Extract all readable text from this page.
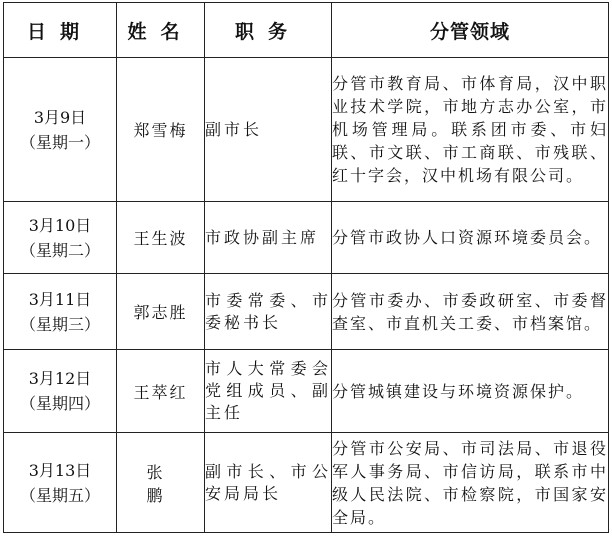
日期	姓名	职务	分管领域

3月9日
（星期一）	郑雪梅	副市长	分管市教育局、市体育局，汉中职业技术学院，市地方志办公室，市机场管理局。联系团市委、市妇联、市文联、市工商联、市残联、红十字会，汉中机场有限公司。

3月10日
（星期二）	王生波	市政协副主席	分管市政协人口资源环境委员会。

3月11日
（星期三）	郭志胜	市委常委、市委秘书长	分管市委办、市委政研室、市委督查室、市直机关工委、市档案馆。

3月12日
（星期四）	王萃红	市人大常委会党组成员、副主任	分管城镇建设与环境资源保护。

3月13日
（星期五）	张鹏	副市长、市公安局局长	分管市公安局、市司法局、市退役军人事务局、市信访局，联系市中级人民法院、市检察院，市国家安全局。
